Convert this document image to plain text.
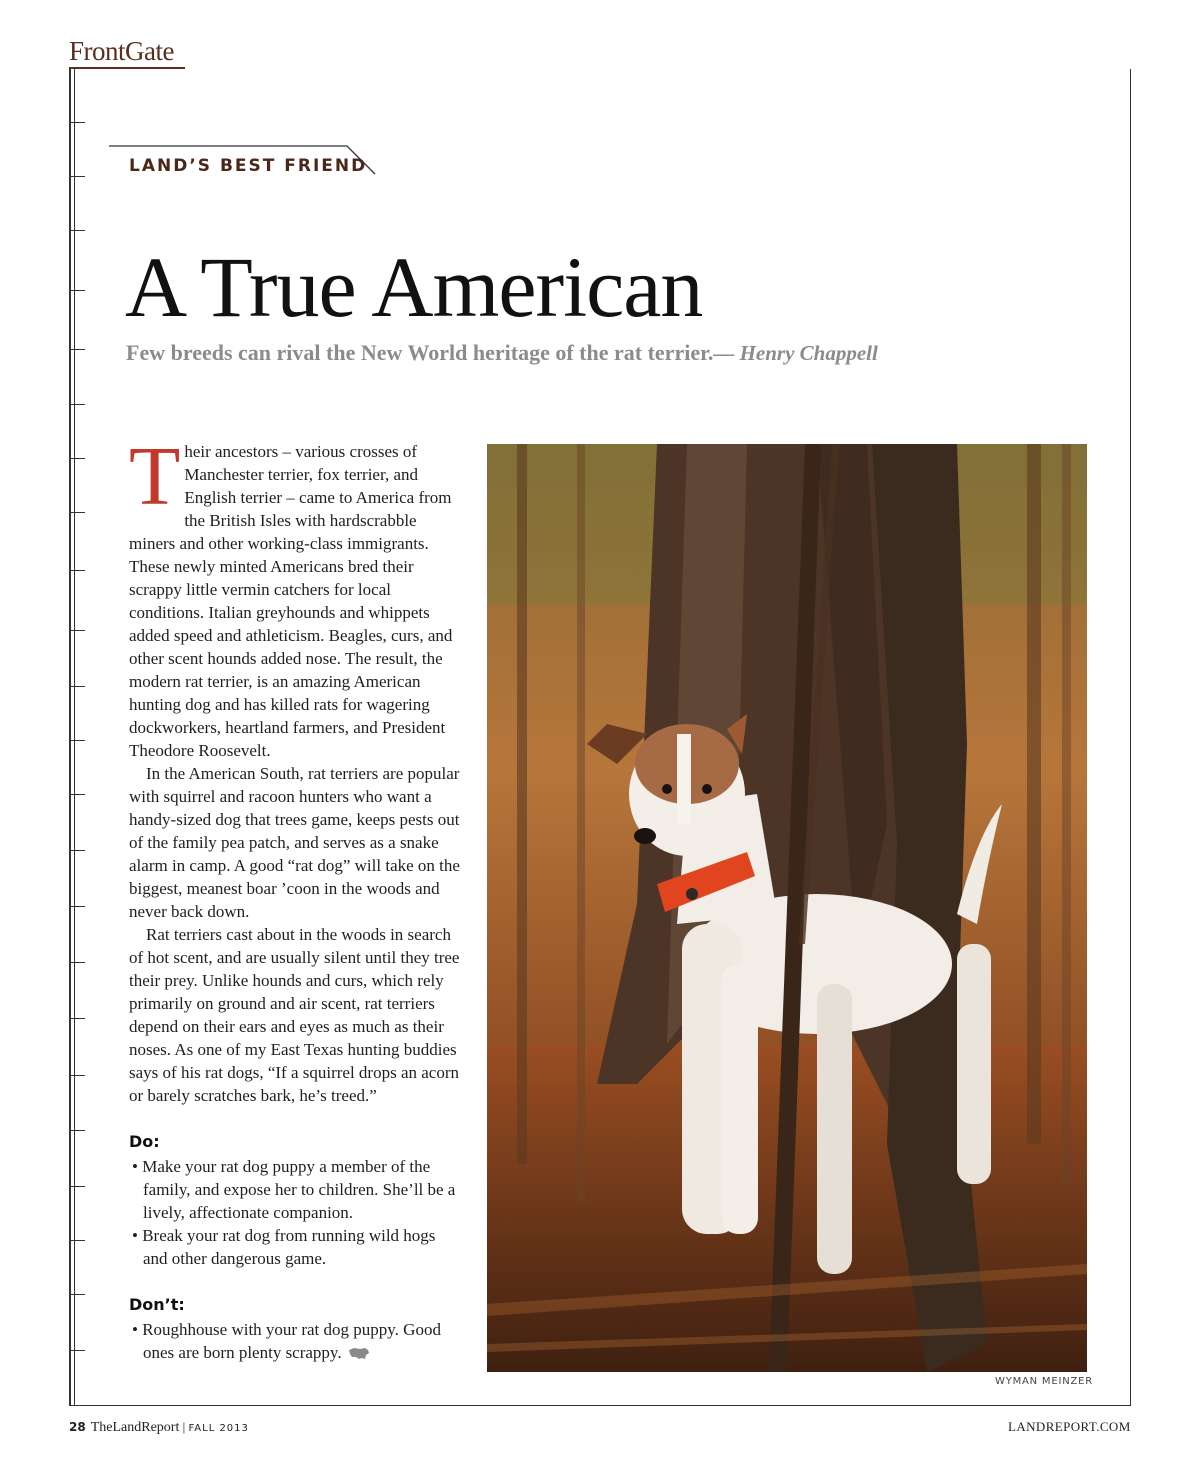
FrontGate
LAND’S BEST FRIEND
A True American
Few breeds can rival the New World heritage of the rat terrier.— Henry Chappell

Their ancestors – various crosses of Manchester terrier, fox terrier, and English terrier – came to America from the British Isles with hardscrabble miners and other working-class immigrants. These newly minted Americans bred their scrappy little vermin catchers for local conditions. Italian greyhounds and whippets added speed and athleticism. Beagles, curs, and other scent hounds added nose. The result, the modern rat terrier, is an amazing American hunting dog and has killed rats for wagering dockworkers, heartland farmers, and President Theodore Roosevelt.

In the American South, rat terriers are popular with squirrel and racoon hunters who want a handy-sized dog that trees game, keeps pests out of the family pea patch, and serves as a snake alarm in camp. A good “rat dog” will take on the biggest, meanest boar ’coon in the woods and never back down.

Rat terriers cast about in the woods in search of hot scent, and are usually silent until they tree their prey. Unlike hounds and curs, which rely primarily on ground and air scent, rat terriers depend on their ears and eyes as much as their noses. As one of my East Texas hunting buddies says of his rat dogs, “If a squirrel drops an acorn or barely scratches bark, he’s treed.”

Do:
• Make your rat dog puppy a member of the family, and expose her to children. She’ll be a lively, affectionate companion.
• Break your rat dog from running wild hogs and other dangerous game.
Don’t:
• Roughhouse with your rat dog puppy. Good ones are born plenty scrappy.
WYMAN MEINZER
28 TheLandReport | FALL 2013	LANDREPORT.COM
